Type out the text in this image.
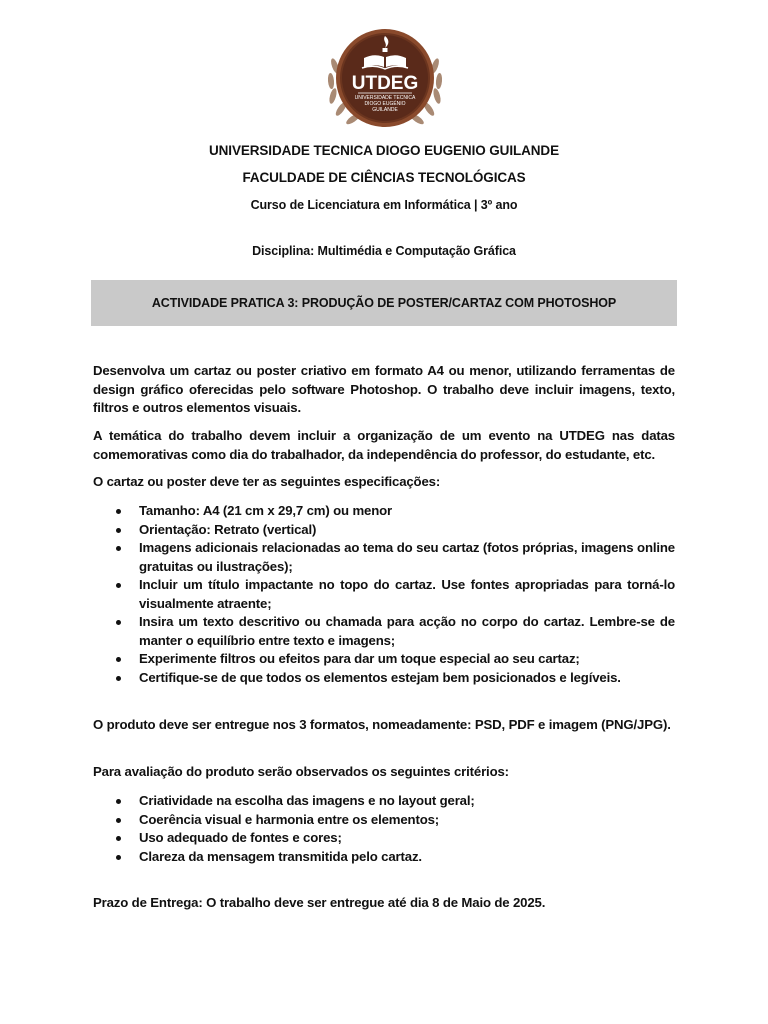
UTDEG
UNIVERSIDADE TECNICA
DIOGO EUGÉNIO
GUILANDE
UNIVERSIDADE TECNICA DIOGO EUGENIO GUILANDE
FACULDADE DE CIÊNCIAS TECNOLÓGICAS
Curso de Licenciatura em Informática | 3º ano
Disciplina: Multimédia e Computação Gráfica
ACTIVIDADE PRATICA 3: PRODUÇÃO DE POSTER/CARTAZ COM PHOTOSHOP
Desenvolva um cartaz ou poster criativo em formato A4 ou menor, utilizando ferramentas de design gráfico oferecidas pelo software Photoshop. O trabalho deve incluir imagens, texto, filtros e outros elementos visuais.
A temática do trabalho devem incluir a organização de um evento na UTDEG nas datas comemorativas como dia do trabalhador, da independência do professor, do estudante, etc.
O cartaz ou poster deve ter as seguintes especificações:
Tamanho: A4 (21 cm x 29,7 cm) ou menor
Orientação: Retrato (vertical)
Imagens adicionais relacionadas ao tema do seu cartaz (fotos próprias, imagens online gratuitas ou ilustrações);
Incluir um título impactante no topo do cartaz. Use fontes apropriadas para torná-lo visualmente atraente;
Insira um texto descritivo ou chamada para acção no corpo do cartaz. Lembre-se de manter o equilíbrio entre texto e imagens;
Experimente filtros ou efeitos para dar um toque especial ao seu cartaz;
Certifique-se de que todos os elementos estejam bem posicionados e legíveis.
O produto deve ser entregue nos 3 formatos, nomeadamente: PSD, PDF e imagem (PNG/JPG).
Para avaliação do produto serão observados os seguintes critérios:
Criatividade na escolha das imagens e no layout geral;
Coerência visual e harmonia entre os elementos;
Uso adequado de fontes e cores;
Clareza da mensagem transmitida pelo cartaz.
Prazo de Entrega: O trabalho deve ser entregue até dia 8 de Maio de 2025.
